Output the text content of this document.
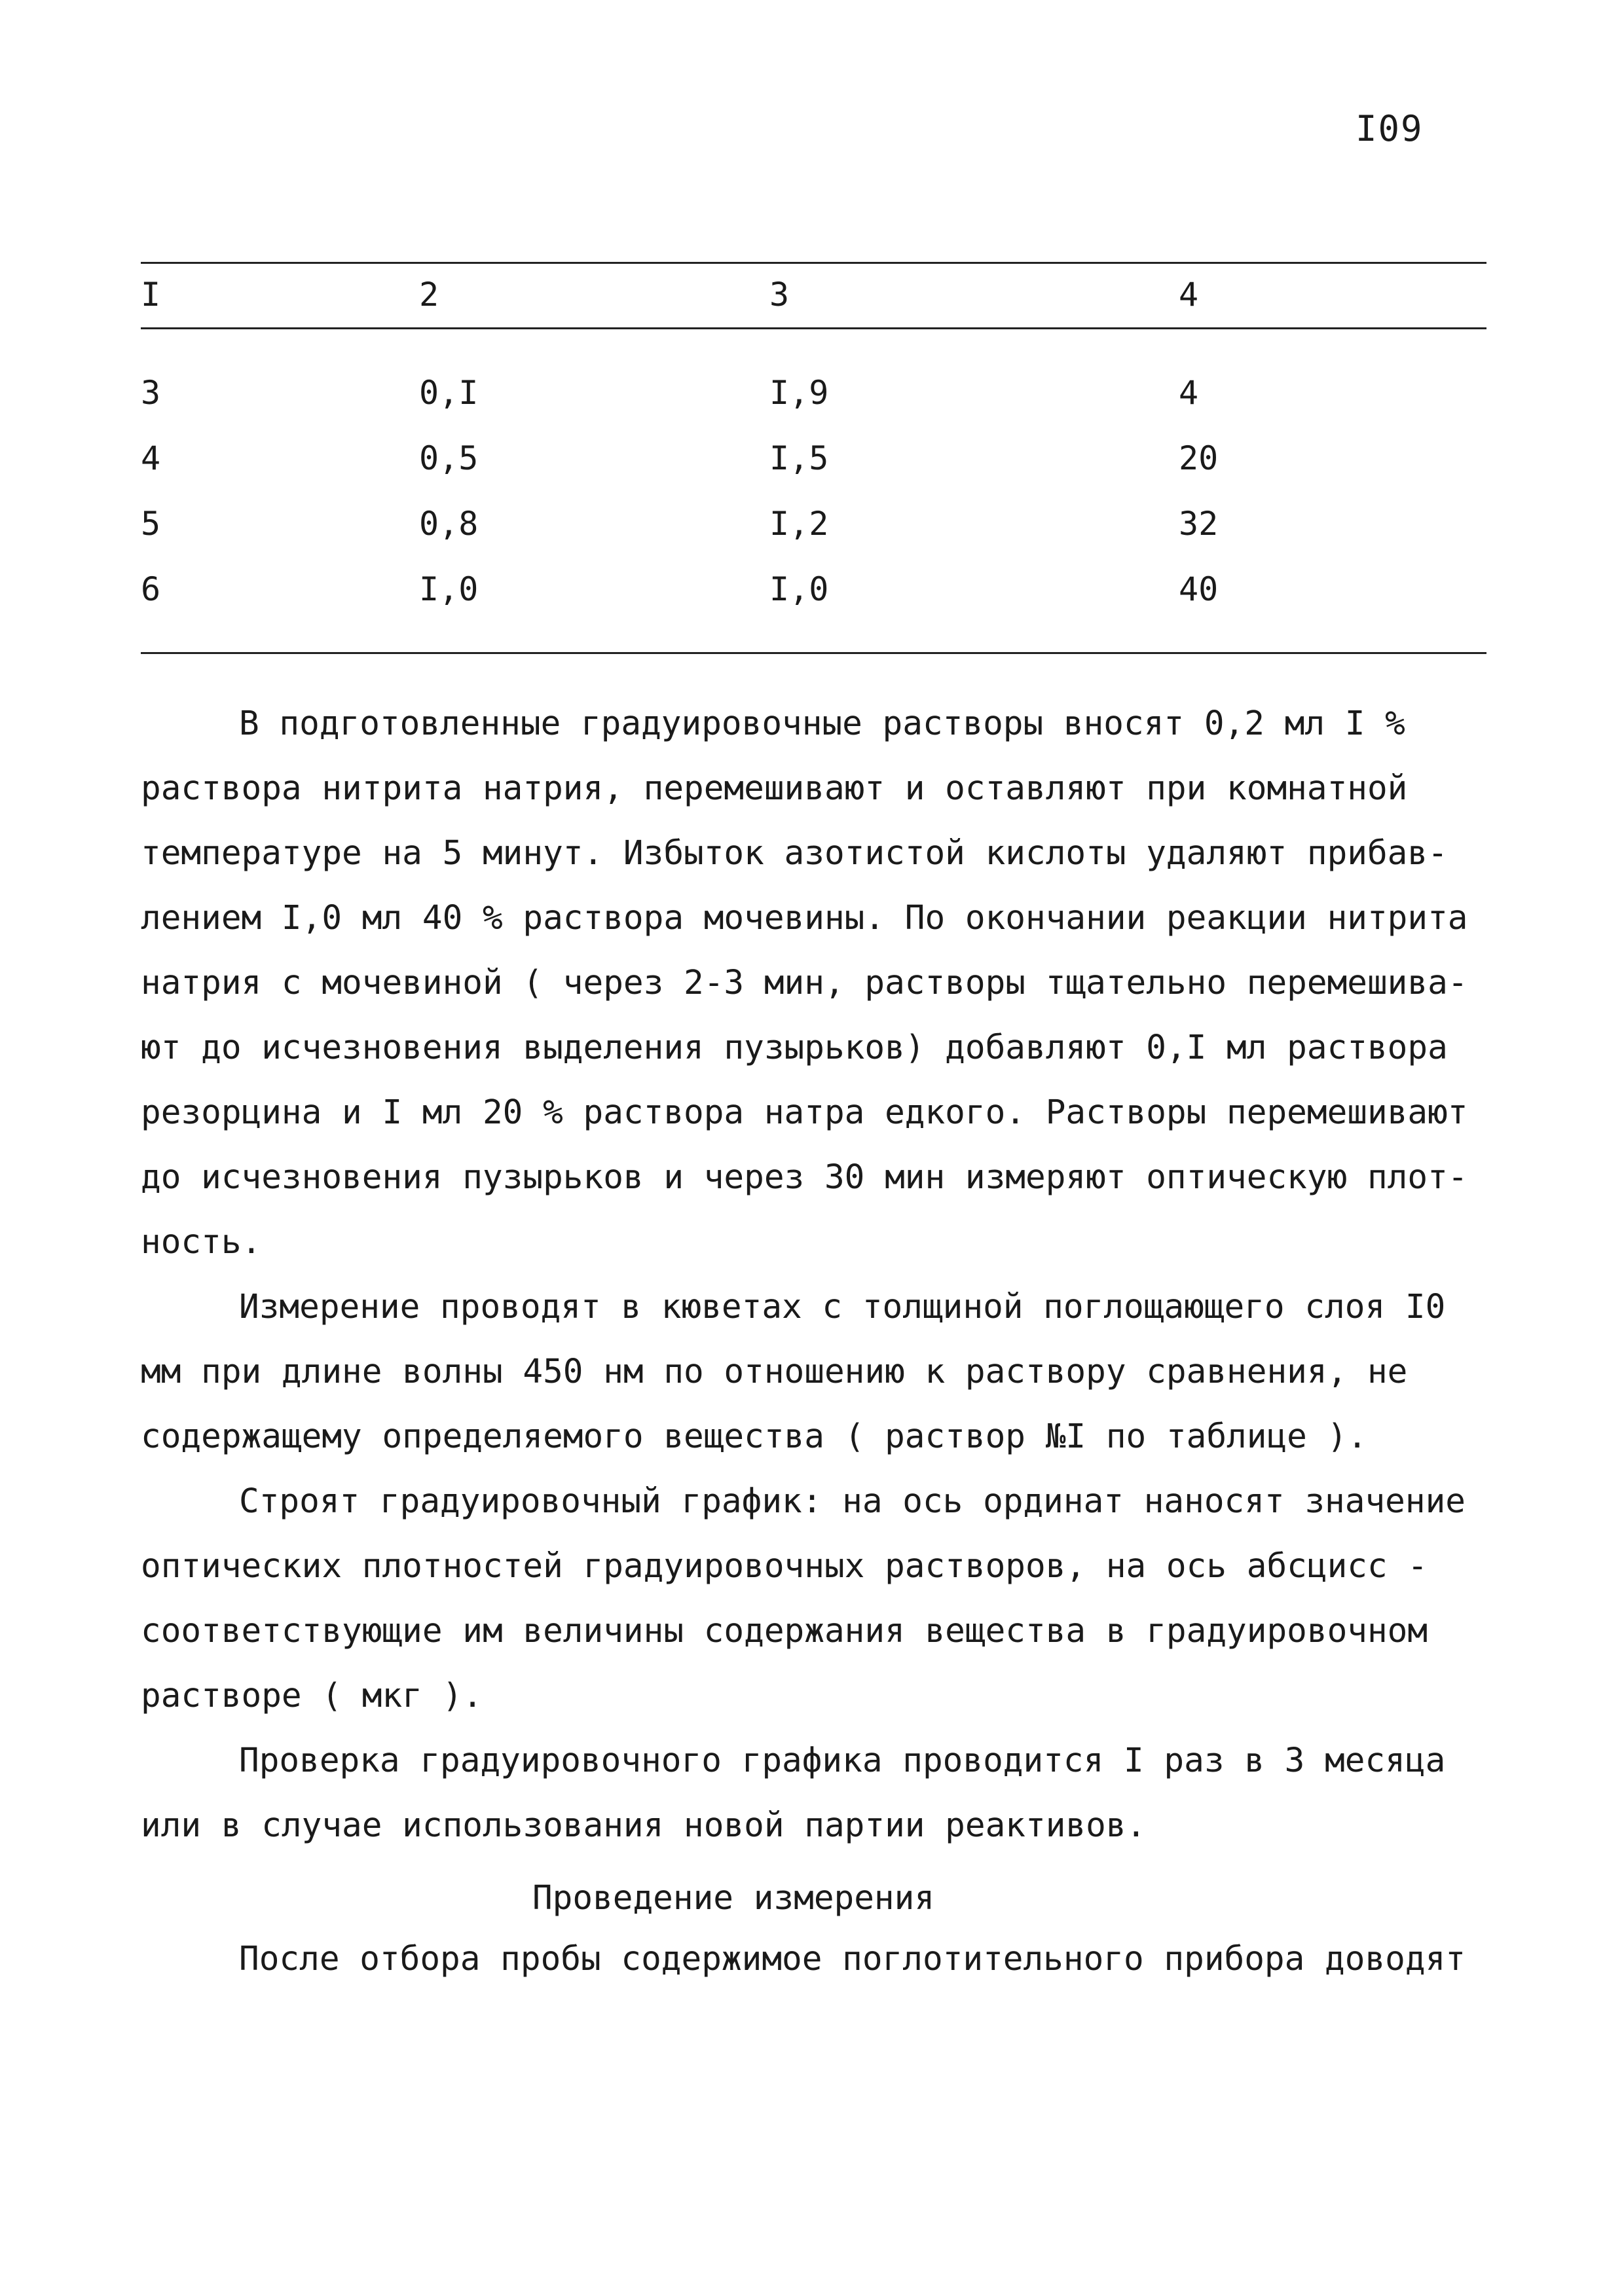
I09
I	2	3	4
3	0,I	I,9	4
4	0,5	I,5	20
5	0,8	I,2	32
6	I,0	I,0	40
В подготовленные градуировочные растворы вносят 0,2 мл I %
раствора нитрита натрия, перемешивают и оставляют при комнатной
температуре на 5 минут. Избыток азотистой кислоты удаляют прибав-
лением I,0 мл 40 % раствора мочевины. По окончании реакции нитрита
натрия с мочевиной ( через 2-3 мин, растворы тщательно перемешива-
ют до исчезновения выделения пузырьков) добавляют 0,I мл раствора
резорцина и I мл 20 % раствора натра едкого. Растворы перемешивают
до исчезновения пузырьков и через 30 мин измеряют оптическую плот-
ность.
Измерение проводят в кюветах с толщиной поглощающего слоя I0
мм при длине волны 450 нм по отношению к раствору сравнения, не
содержащему определяемого вещества ( раствор №I по таблице ).
Строят градуировочный график: на ось ординат наносят значение
оптических плотностей градуировочных растворов, на ось абсцисс -
соответствующие им величины содержания вещества в градуировочном
растворе ( мкг ).
Проверка градуировочного графика проводится I раз в 3 месяца
или в случае использования новой партии реактивов.
Проведение измерения
После отбора пробы содержимое поглотительного прибора доводят
